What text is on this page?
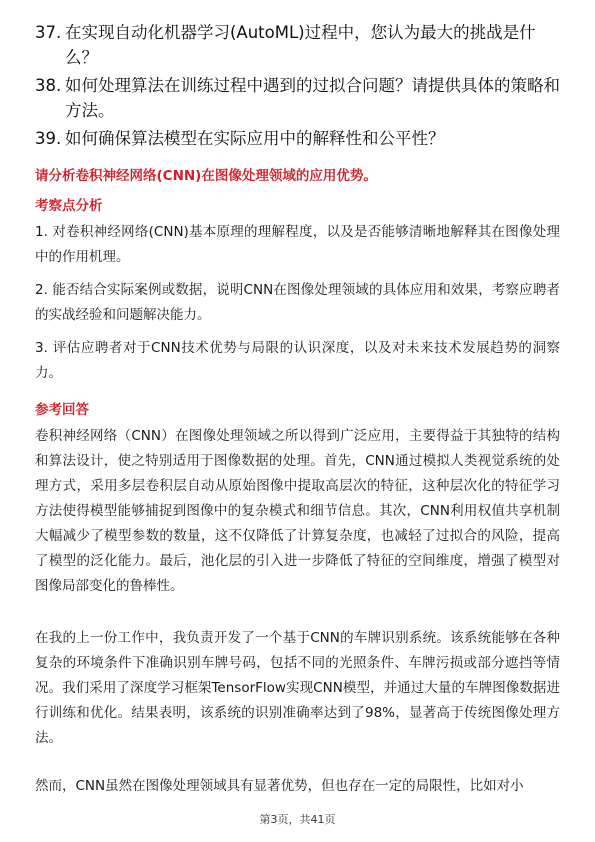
37. 在实现自动化机器学习(AutoML)过程中，您认为最大的挑战是什么？
38. 如何处理算法在训练过程中遇到的过拟合问题？请提供具体的策略和方法。
39. 如何确保算法模型在实际应用中的解释性和公平性？
请分析卷积神经网络(CNN)在图像处理领域的应用优势。
考察点分析
1. 对卷积神经网络(CNN)基本原理的理解程度，以及是否能够清晰地解释其在图像处理中的作用机理。
2. 能否结合实际案例或数据，说明CNN在图像处理领域的具体应用和效果，考察应聘者的实战经验和问题解决能力。
3. 评估应聘者对于CNN技术优势与局限的认识深度，以及对未来技术发展趋势的洞察力。
参考回答
卷积神经网络（CNN）在图像处理领域之所以得到广泛应用，主要得益于其独特的结构和算法设计，使之特别适用于图像数据的处理。首先，CNN通过模拟人类视觉系统的处理方式，采用多层卷积层自动从原始图像中提取高层次的特征，这种层次化的特征学习方法使得模型能够捕捉到图像中的复杂模式和细节信息。其次，CNN利用权值共享机制大幅减少了模型参数的数量，这不仅降低了计算复杂度，也减轻了过拟合的风险，提高了模型的泛化能力。最后，池化层的引入进一步降低了特征的空间维度，增强了模型对图像局部变化的鲁棒性。
在我的上一份工作中，我负责开发了一个基于CNN的车牌识别系统。该系统能够在各种复杂的环境条件下准确识别车牌号码，包括不同的光照条件、车牌污损或部分遮挡等情况。我们采用了深度学习框架TensorFlow实现CNN模型，并通过大量的车牌图像数据进行训练和优化。结果表明，该系统的识别准确率达到了98%，显著高于传统图像处理方法。
然而，CNN虽然在图像处理领域具有显著优势，但也存在一定的局限性，比如对小
第3页，共41页
